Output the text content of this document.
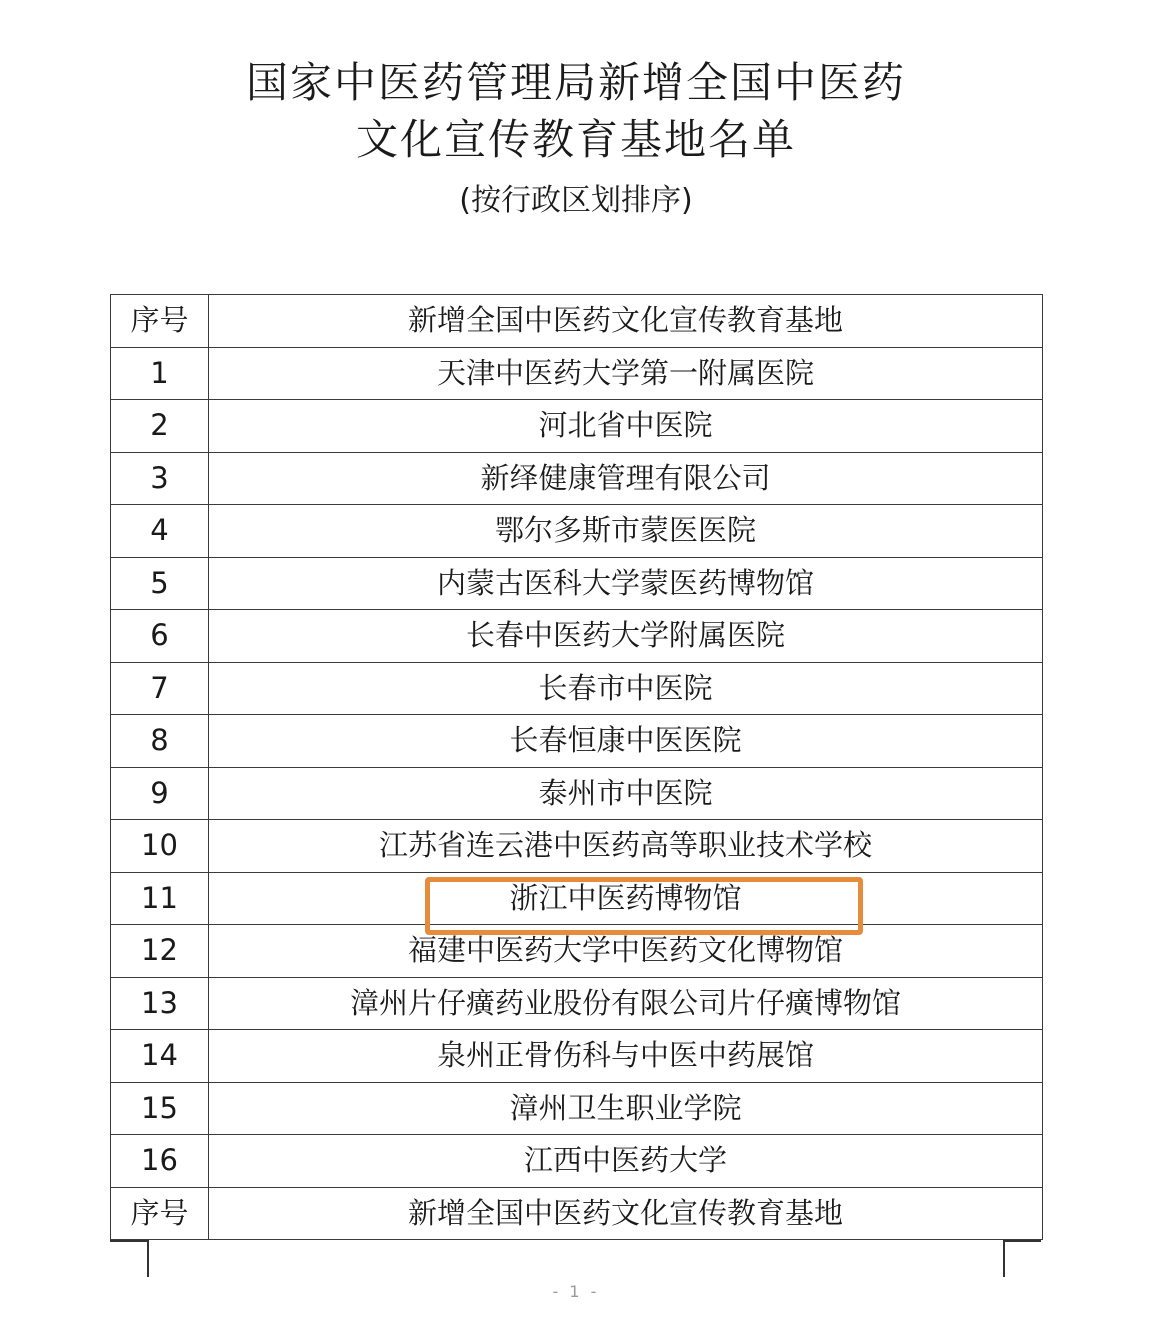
国家中医药管理局新增全国中医药
文化宣传教育基地名单
(按行政区划排序)
序号	新增全国中医药文化宣传教育基地
1	天津中医药大学第一附属医院
2	河北省中医院
3	新绎健康管理有限公司
4	鄂尔多斯市蒙医医院
5	内蒙古医科大学蒙医药博物馆
6	长春中医药大学附属医院
7	长春市中医院
8	长春恒康中医医院
9	泰州市中医院
10	江苏省连云港中医药高等职业技术学校
11	浙江中医药博物馆
12	福建中医药大学中医药文化博物馆
13	漳州片仔癀药业股份有限公司片仔癀博物馆
14	泉州正骨伤科与中医中药展馆
15	漳州卫生职业学院
16	江西中医药大学
序号	新增全国中医药文化宣传教育基地
- 1 -
